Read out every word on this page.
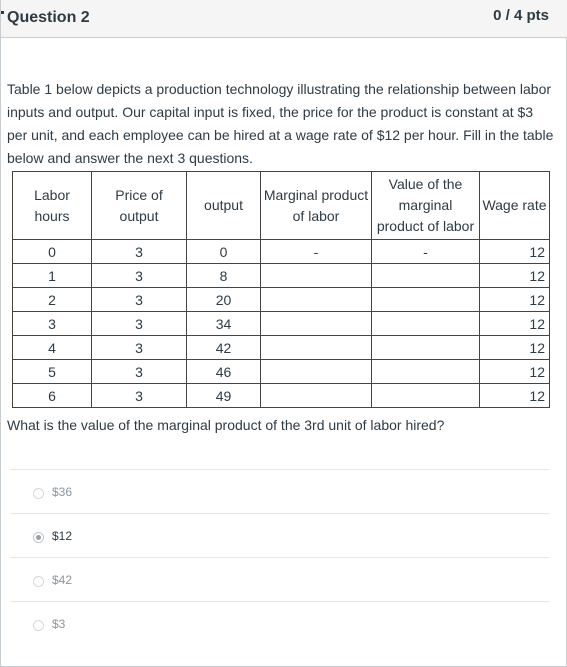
Question 2	0 / 4 pts
Table 1 below depicts a production technology illustrating the relationship between labor inputs and output. Our capital input is fixed, the price for the product is constant at $3 per unit, and each employee can be hired at a wage rate of $12 per hour. Fill in the table below and answer the next 3 questions.
Labor hours	Price of output	output	Marginal product of labor	Value of the marginal product of labor	Wage rate
0	3	0	-	-	12
1	3	8			12
2	3	20			12
3	3	34			12
4	3	42			12
5	3	46			12
6	3	49			12
What is the value of the marginal product of the 3rd unit of labor hired?
$36
$12
$42
$3
